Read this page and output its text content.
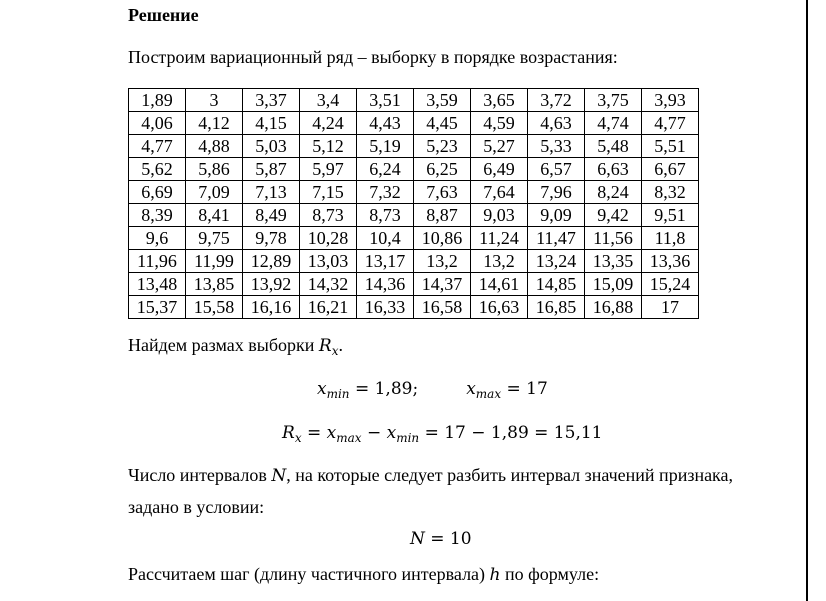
Решение
Построим вариационный ряд – выборку в порядке возрастания:
1,89	3	3,37	3,4	3,51	3,59	3,65	3,72	3,75	3,93
4,06	4,12	4,15	4,24	4,43	4,45	4,59	4,63	4,74	4,77
4,77	4,88	5,03	5,12	5,19	5,23	5,27	5,33	5,48	5,51
5,62	5,86	5,87	5,97	6,24	6,25	6,49	6,57	6,63	6,67
6,69	7,09	7,13	7,15	7,32	7,63	7,64	7,96	8,24	8,32
8,39	8,41	8,49	8,73	8,73	8,87	9,03	9,09	9,42	9,51
9,6	9,75	9,78	10,28	10,4	10,86	11,24	11,47	11,56	11,8
11,96	11,99	12,89	13,03	13,17	13,2	13,2	13,24	13,35	13,36
13,48	13,85	13,92	14,32	14,36	14,37	14,61	14,85	15,09	15,24
15,37	15,58	16,16	16,21	16,33	16,58	16,63	16,85	16,88	17
Найдем размах выборки $R_x$.
$x_{min} = 1,89$;	$x_{max} = 17$
$R_x = x_{max} - x_{min} = 17 - 1,89 = 15,11$
Число интервалов N, на которые следует разбить интервал значений признака,
задано в условии:
N = 10
Рассчитаем шаг (длину частичного интервала) h по формуле:
